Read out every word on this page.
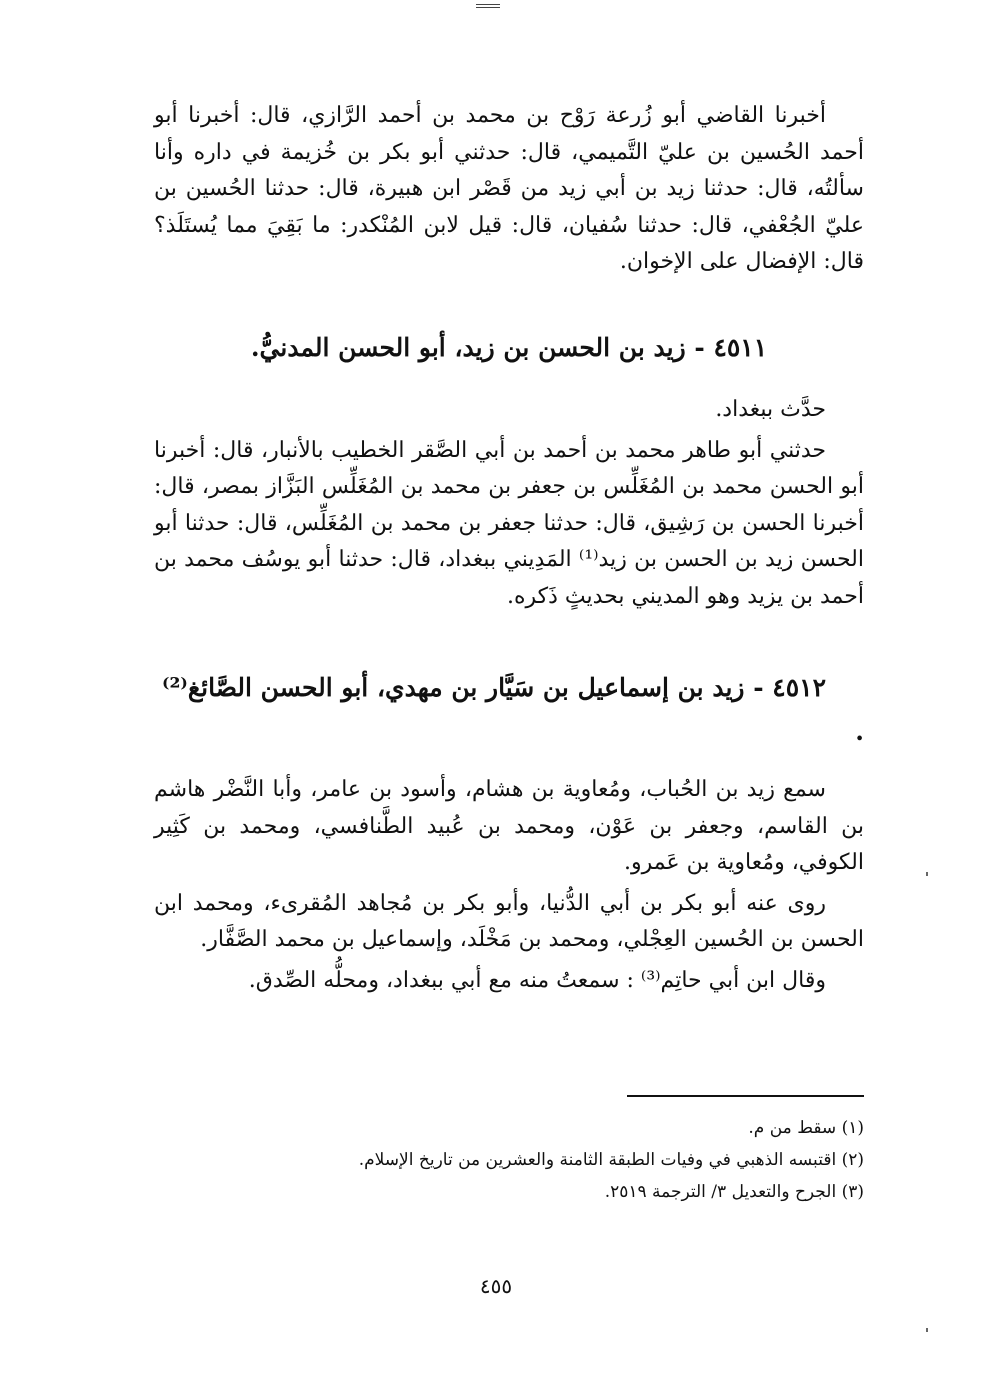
أخبرنا القاضي أبو زُرعة رَوْح بن محمد بن أحمد الرَّازي، قال: أخبرنا أبو أحمد الحُسين بن عليّ التَّميمي، قال: حدثني أبو بكر بن خُزيمة في داره وأنا سألتُه، قال: حدثنا زيد بن أبي زيد من قَصْر ابن هبيرة، قال: حدثنا الحُسين بن عليّ الجُعْفي، قال: حدثنا سُفيان، قال: قيل لابن المُنْكدر: ما بَقِيَ مما يُستَلَذ؟ قال: الإفضال على الإخوان.

٤٥١١ - زيد بن الحسن بن زيد، أبو الحسن المدنيُّ.

حدَّث ببغداد.

حدثني أبو طاهر محمد بن أحمد بن أبي الصَّقر الخطيب بالأنبار، قال: أخبرنا أبو الحسن محمد بن المُغَلِّس بن جعفر بن محمد بن المُغَلِّس البَزَّاز بمصر، قال: أخبرنا الحسن بن رَشِيق، قال: حدثنا جعفر بن محمد بن المُغَلِّس، قال: حدثنا أبو الحسن زيد بن الحسن بن زيد⁽¹⁾ المَدِيني ببغداد، قال: حدثنا أبو يوسُف محمد بن أحمد بن يزيد وهو المديني بحديثٍ ذَكره.

٤٥١٢ - زيد بن إسماعيل بن سَيَّار بن مهدي، أبو الحسن الصَّائغ⁽²⁾ .

سمع زيد بن الحُباب، ومُعاوية بن هشام، وأسود بن عامر، وأبا النَّضْر هاشم بن القاسم، وجعفر بن عَوْن، ومحمد بن عُبيد الطَّنافسي، ومحمد بن كَثِير الكوفي، ومُعاوية بن عَمرو.

روى عنه أبو بكر بن أبي الدُّنيا، وأبو بكر بن مُجاهد المُقرىء، ومحمد ابن الحسن بن الحُسين العِجْلي، ومحمد بن مَخْلَد، وإسماعيل بن محمد الصَّفَّار.

وقال ابن أبي حاتِم⁽³⁾ : سمعتُ منه مع أبي ببغداد، ومحلُّه الصِّدق.

(١) سقط من م.

(٢) اقتبسه الذهبي في وفيات الطبقة الثامنة والعشرين من تاريخ الإسلام.

(٣) الجرح والتعديل ٣/ الترجمة ٢٥١٩.

٤٥٥
